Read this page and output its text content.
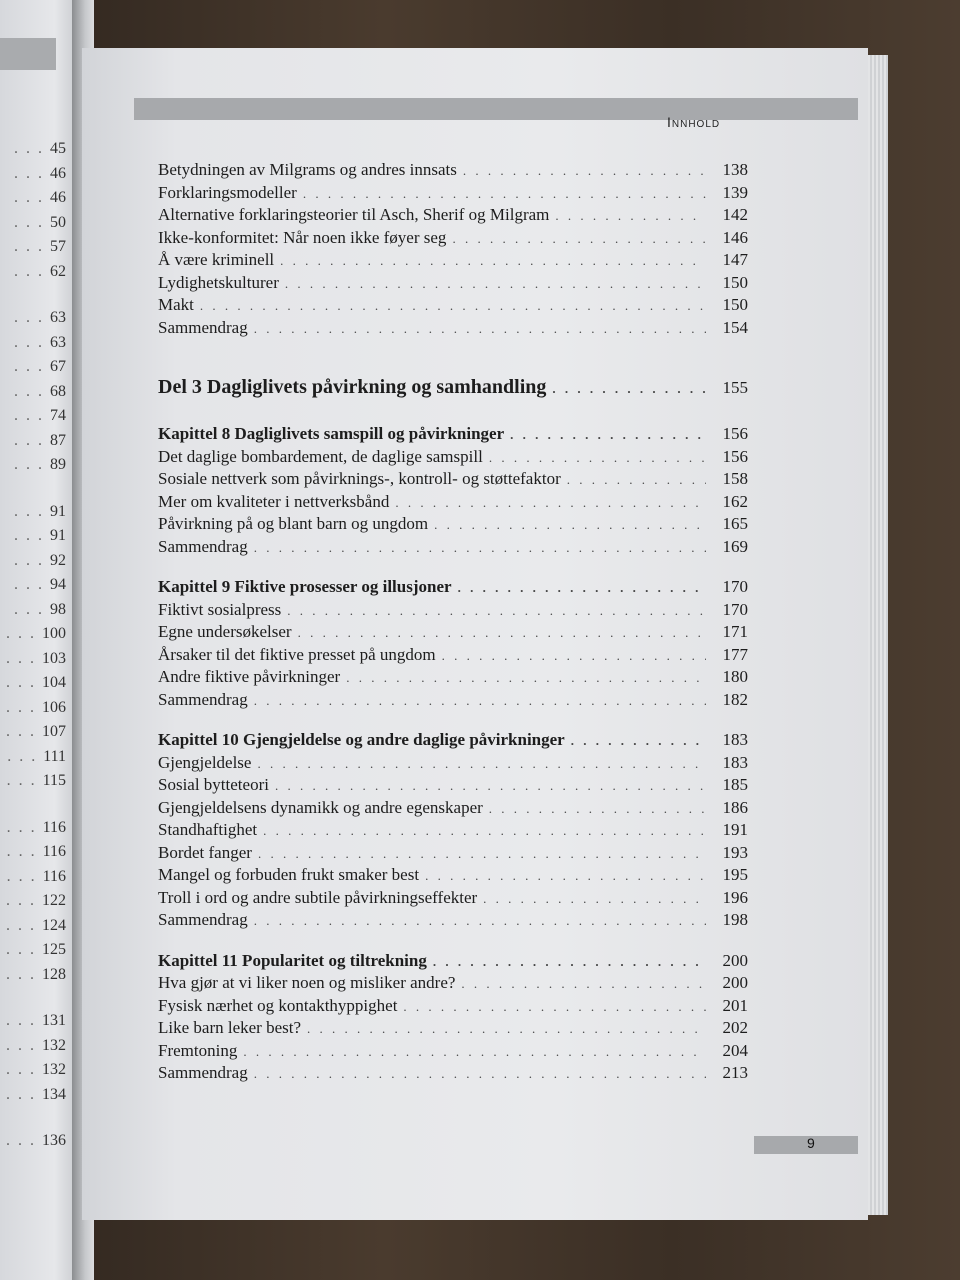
. . . 45
. . . 46
. . . 46
. . . 50
. . . 57
. . . 62
. . . 63
. . . 63
. . . 67
. . . 68
. . . 74
. . . 87
. . . 89
. . . 91
. . . 91
. . . 92
. . . 94
. . . 98
. . . 100
. . . 103
. . . 104
. . . 106
. . . 107
. . . 111
. . . 115
. . . 116
. . . 116
. . . 116
. . . 122
. . . 124
. . . 125
. . . 128
. . . 131
. . . 132
. . . 132
. . . 134
. . . 136
Innhold
Betydningen av Milgrams og andres innsats . . .	138
Forklaringsmodeller . . .	139
Alternative forklaringsteorier til Asch, Sherif og Milgram . . .	142
Ikke-konformitet: Når noen ikke føyer seg . . .	146
Å være kriminell . . .	147
Lydighetskulturer . . .	150
Makt . . .	150
Sammendrag . . .	154
Del 3 Dagliglivets påvirkning og samhandling . . .	155
Kapittel 8 Dagliglivets samspill og påvirkninger . . .	156
Det daglige bombardement, de daglige samspill . . .	156
Sosiale nettverk som påvirknings-, kontroll- og støttefaktor . . .	158
Mer om kvaliteter i nettverksbånd . . .	162
Påvirkning på og blant barn og ungdom . . .	165
Sammendrag . . .	169
Kapittel 9 Fiktive prosesser og illusjoner . . .	170
Fiktivt sosialpress . . .	170
Egne undersøkelser . . .	171
Årsaker til det fiktive presset på ungdom . . .	177
Andre fiktive påvirkninger . . .	180
Sammendrag . . .	182
Kapittel 10 Gjengjeldelse og andre daglige påvirkninger . . .	183
Gjengjeldelse . . .	183
Sosial bytteteori . . .	185
Gjengjeldelsens dynamikk og andre egenskaper . . .	186
Standhaftighet . . .	191
Bordet fanger . . .	193
Mangel og forbuden frukt smaker best . . .	195
Troll i ord og andre subtile påvirkningseffekter . . .	196
Sammendrag . . .	198
Kapittel 11 Popularitet og tiltrekning . . .	200
Hva gjør at vi liker noen og misliker andre? . . .	200
Fysisk nærhet og kontakthyppighet . . .	201
Like barn leker best? . . .	202
Fremtoning . . .	204
Sammendrag . . .	213
9
